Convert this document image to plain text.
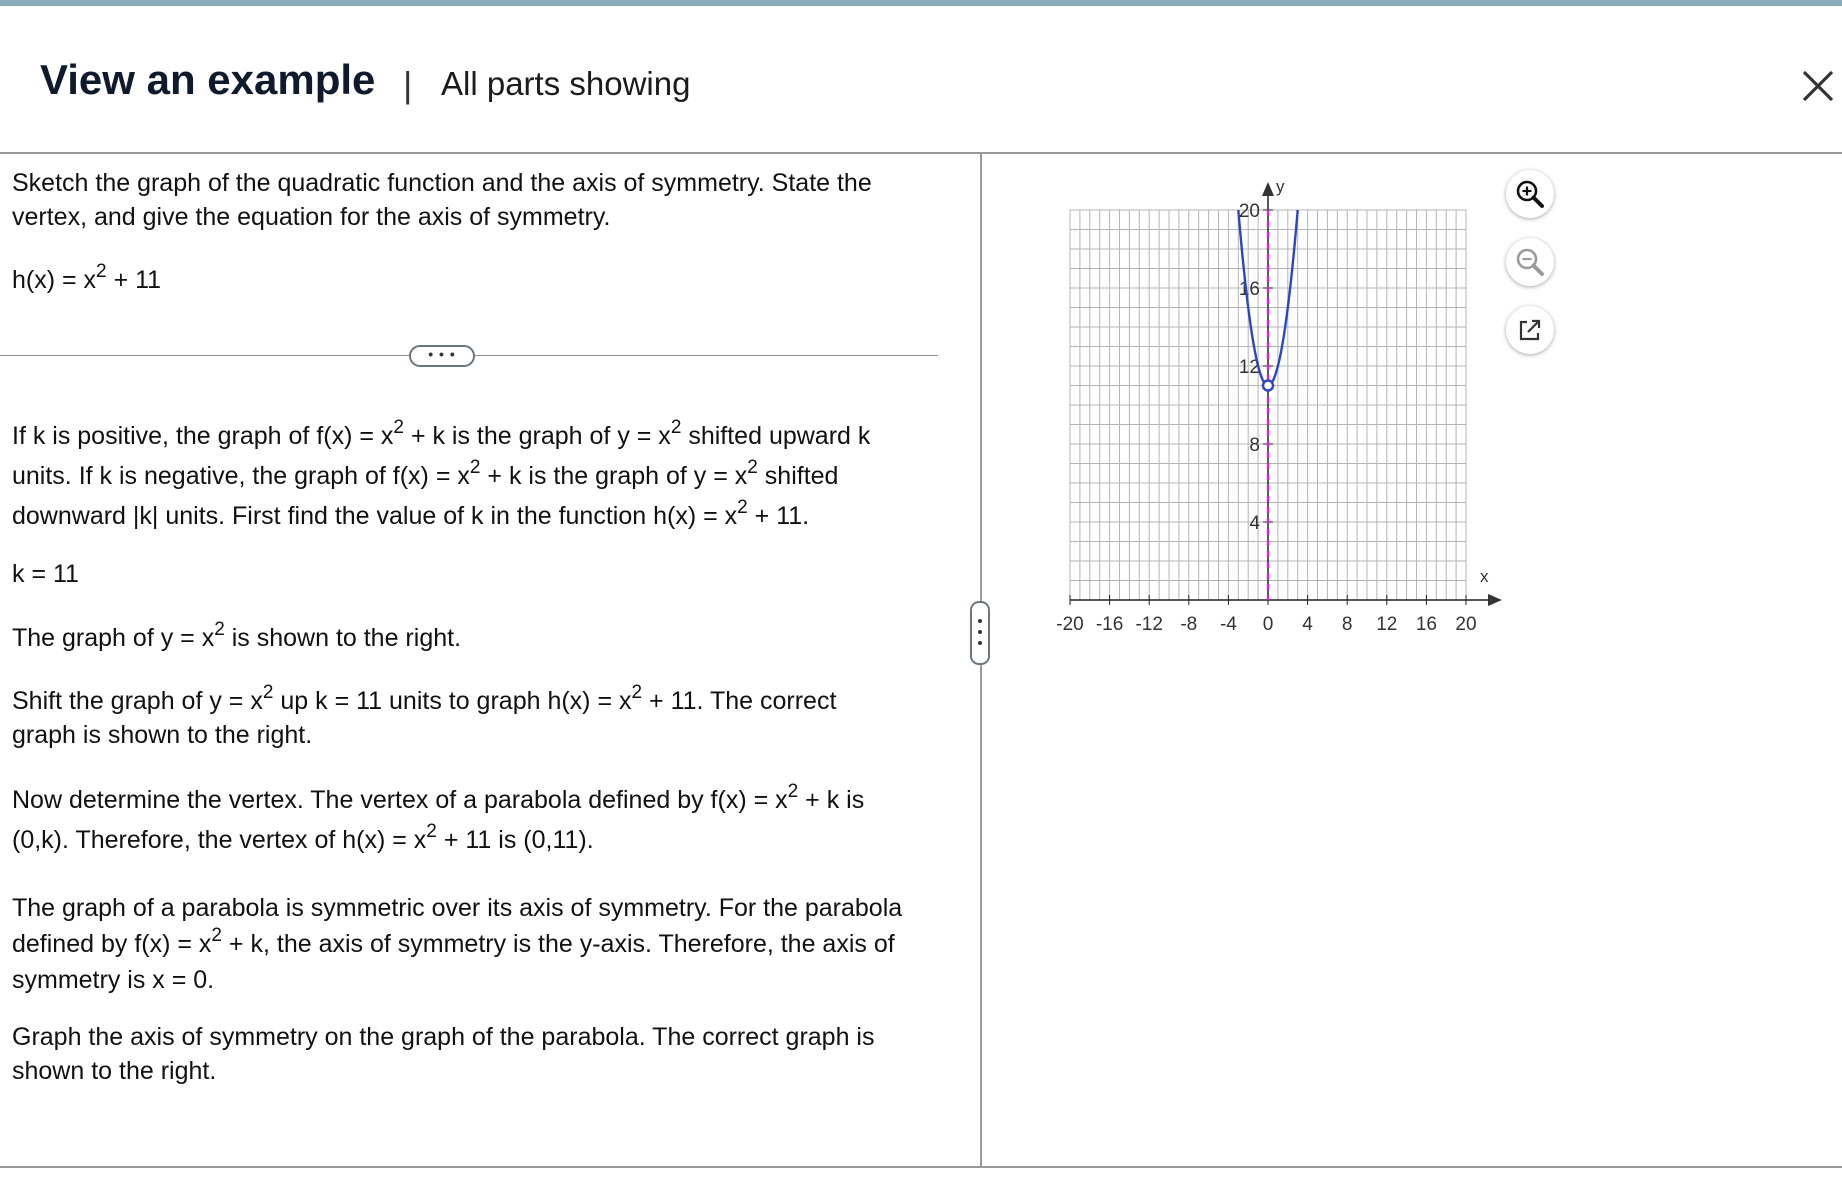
View an example | All parts showing
Sketch the graph of the quadratic function and the axis of symmetry. State the vertex, and give the equation for the axis of symmetry.
$h(x) = x^2 + 11$
• • •
If k is positive, the graph of $f(x) = x^2 + k$ is the graph of $y = x^2$ shifted upward k units. If k is negative, the graph of $f(x) = x^2 + k$ is the graph of $y = x^2$ shifted downward |k| units. First find the value of k in the function $h(x) = x^2 + 11$.
k = 11
The graph of $y = x^2$ is shown to the right.
Shift the graph of $y = x^2$ up k = 11 units to graph $h(x) = x^2 + 11$. The correct graph is shown to the right.
Now determine the vertex. The vertex of a parabola defined by $f(x) = x^2 + k$ is (0,k). Therefore, the vertex of $h(x) = x^2 + 11$ is (0,11).
The graph of a parabola is symmetric over its axis of symmetry. For the parabola defined by $f(x) = x^2 + k$, the axis of symmetry is the y-axis. Therefore, the axis of symmetry is x = 0.
Graph the axis of symmetry on the graph of the parabola. The correct graph is shown to the right.
x
y
-20 -16 -12 -8 -4 0 4 8 12 16 20
4
8
12
16
20
